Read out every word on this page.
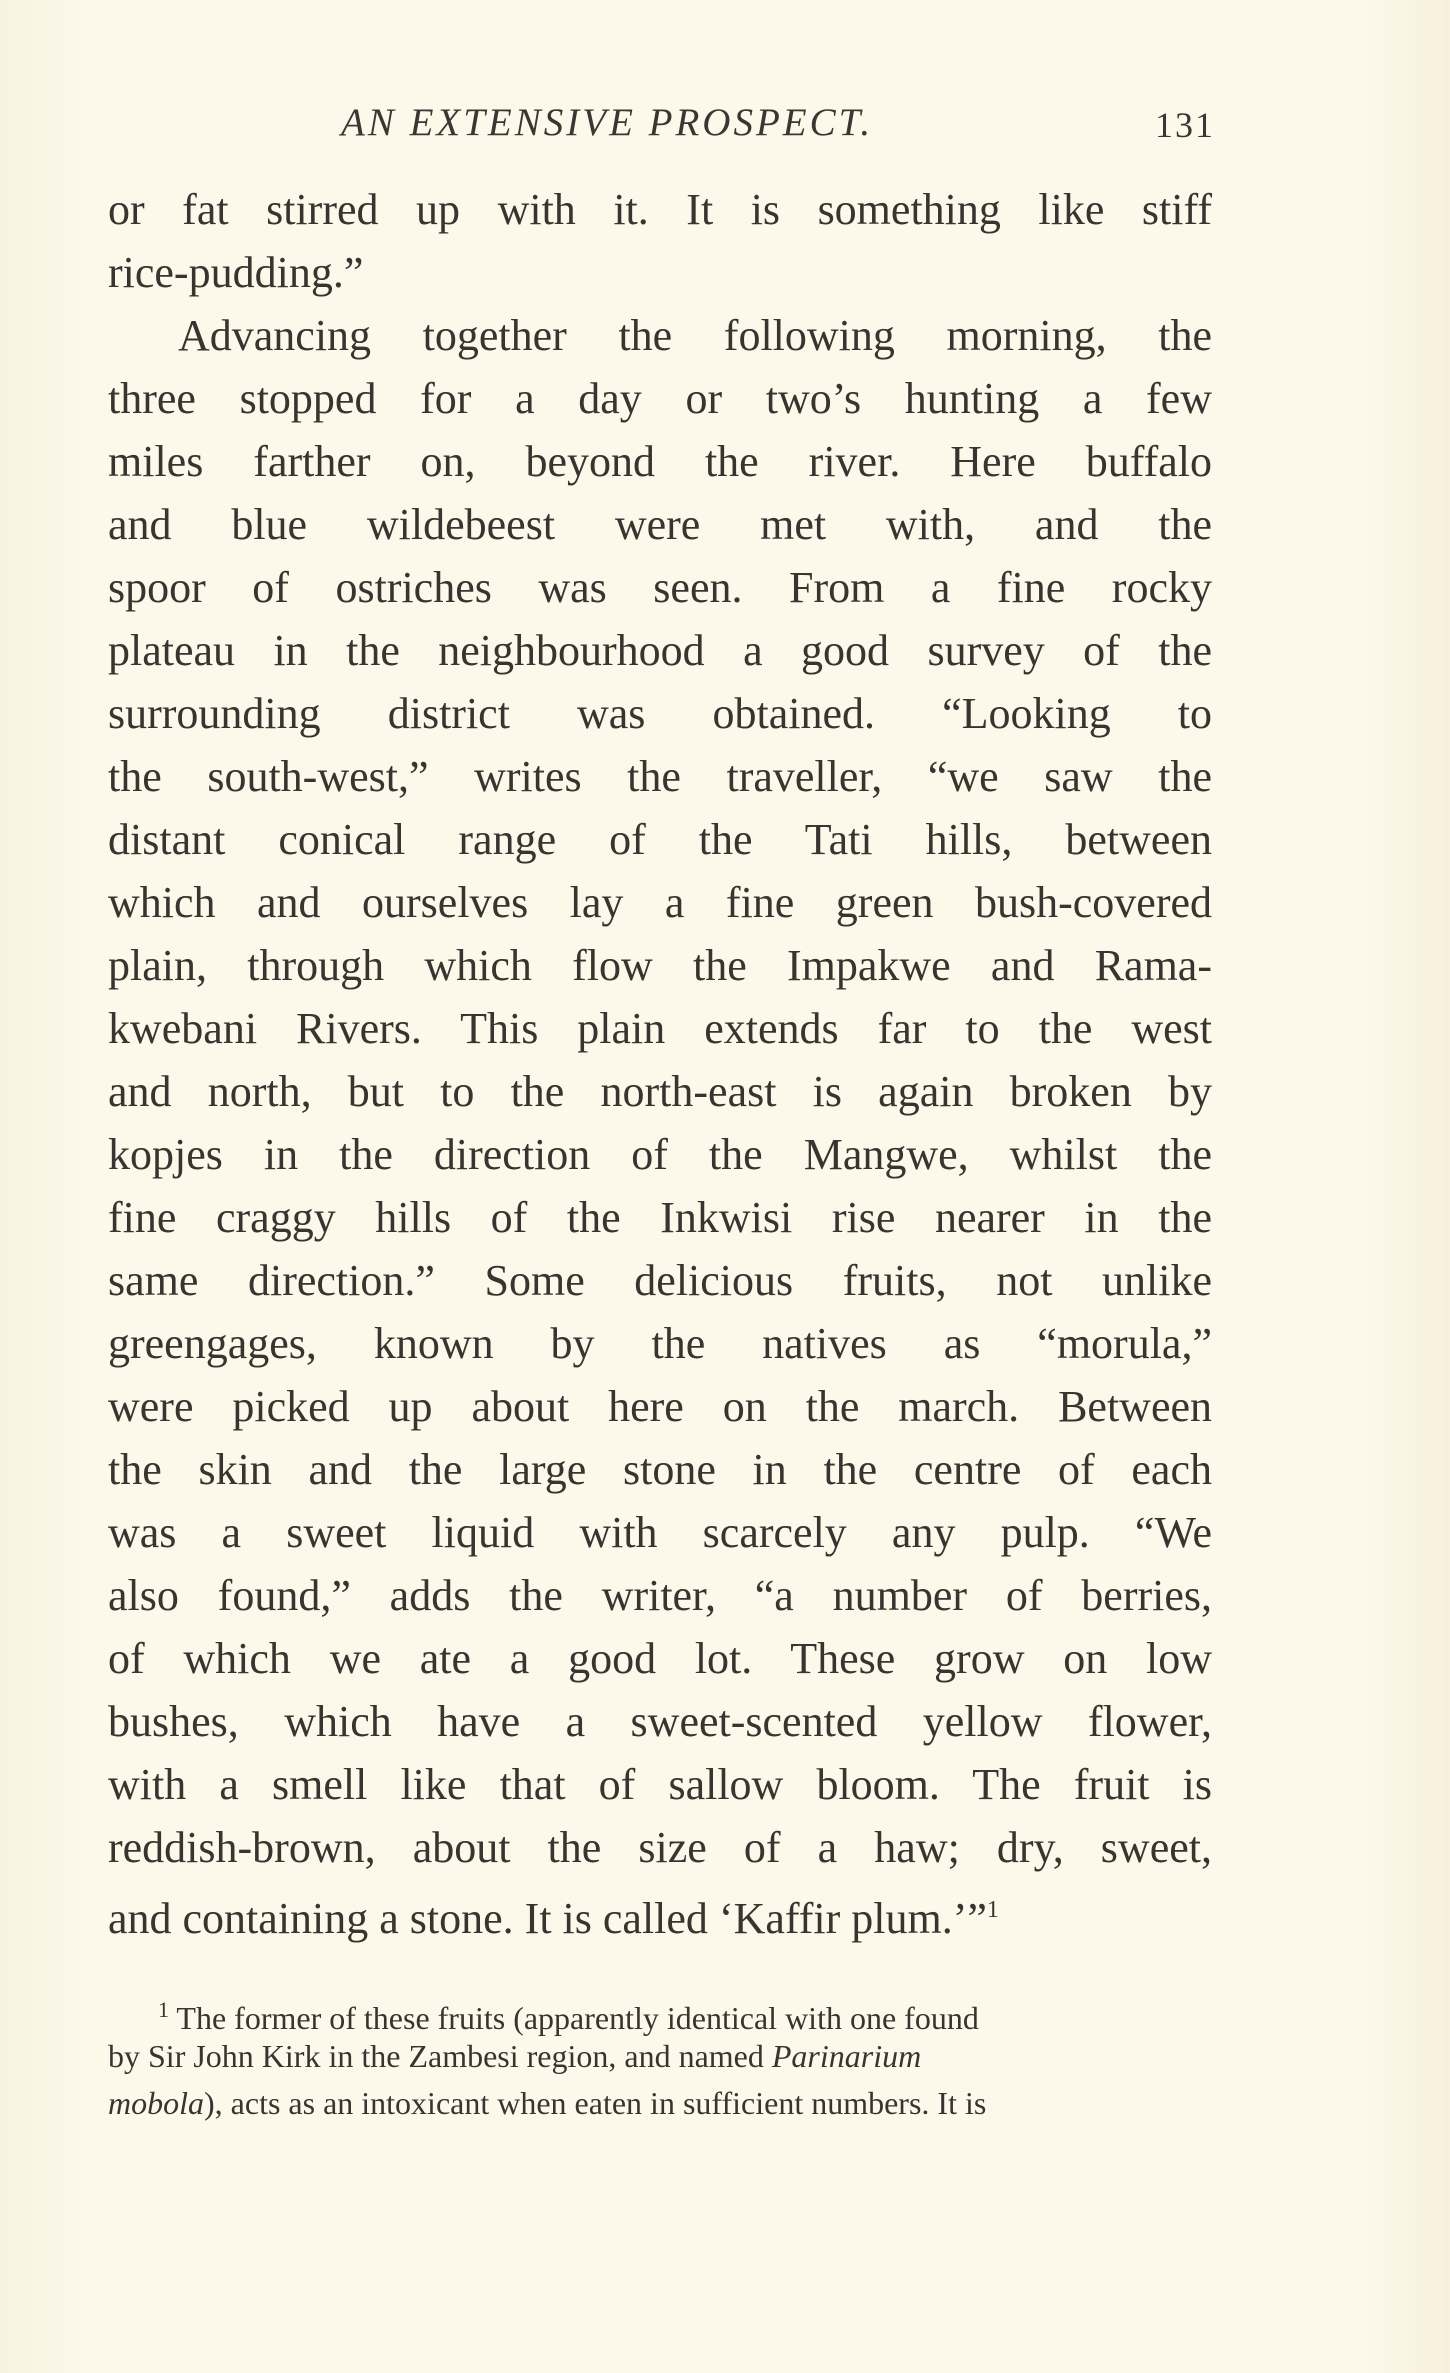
AN EXTENSIVE PROSPECT.	131
or fat stirred up with it. It is something like stiff
rice-pudding.”
Advancing together the following morning, the
three stopped for a day or two’s hunting a few
miles farther on, beyond the river. Here buffalo
and blue wildebeest were met with, and the
spoor of ostriches was seen. From a fine rocky
plateau in the neighbourhood a good survey of the
surrounding district was obtained. “Looking to
the south-west,” writes the traveller, “we saw the
distant conical range of the Tati hills, between
which and ourselves lay a fine green bush-covered
plain, through which flow the Impakwe and Rama-
kwebani Rivers. This plain extends far to the west
and north, but to the north-east is again broken by
kopjes in the direction of the Mangwe, whilst the
fine craggy hills of the Inkwisi rise nearer in the
same direction.” Some delicious fruits, not unlike
greengages, known by the natives as “morula,”
were picked up about here on the march. Between
the skin and the large stone in the centre of each
was a sweet liquid with scarcely any pulp. “We
also found,” adds the writer, “a number of berries,
of which we ate a good lot. These grow on low
bushes, which have a sweet-scented yellow flower,
with a smell like that of sallow bloom. The fruit is
reddish-brown, about the size of a haw; dry, sweet,
and containing a stone. It is called ‘Kaffir plum.’”$^1$
$^1$ The former of these fruits (apparently identical with one found
by Sir John Kirk in the Zambesi region, and named Parinarium
mobola), acts as an intoxicant when eaten in sufficient numbers. It is
